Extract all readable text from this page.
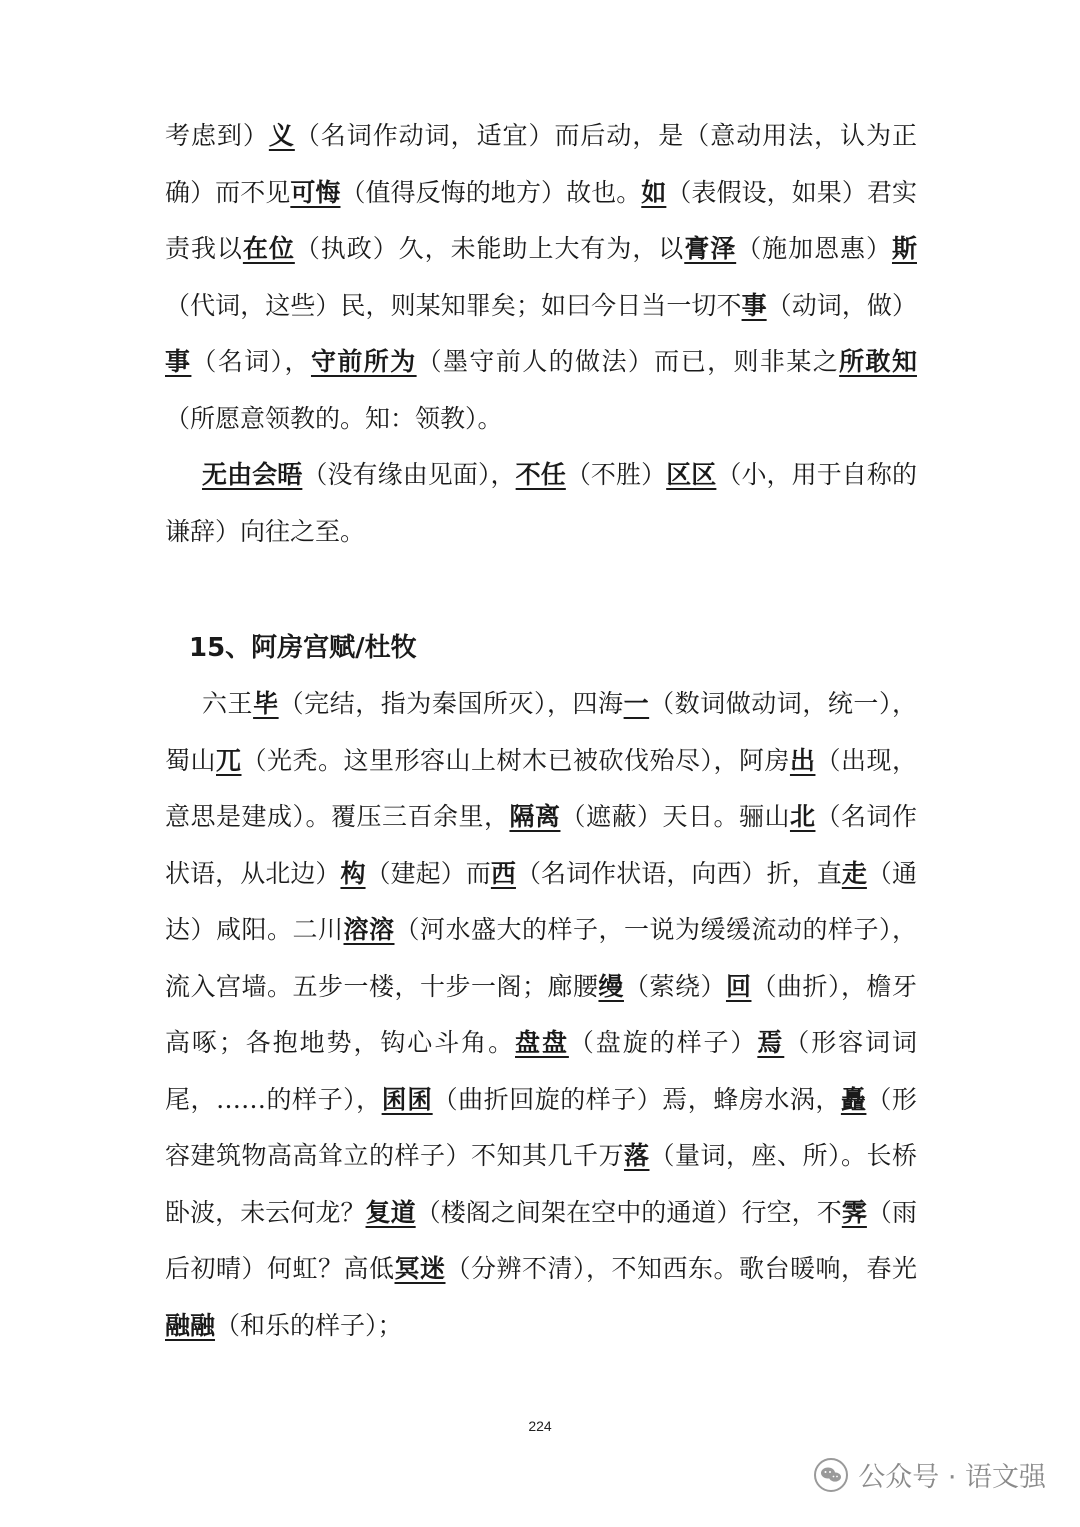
考虑到）义（名词作动词，适宜）而后动，是（意动用法，认为正确）而不见可悔（值得反悔的地方）故也。如（表假设，如果）君实责我以在位（执政）久，未能助上大有为，以膏泽（施加恩惠）斯（代词，这些）民，则某知罪矣；如曰今日当一切不事（动词，做）事（名词），守前所为（墨守前人的做法）而已，则非某之所敢知（所愿意领教的。知：领教）。

无由会晤（没有缘由见面），不任（不胜）区区（小，用于自称的谦辞）向往之至。

15、阿房宫赋/杜牧

六王毕（完结，指为秦国所灭），四海一（数词做动词，统一），蜀山兀（光秃。这里形容山上树木已被砍伐殆尽），阿房出（出现，意思是建成）。覆压三百余里，隔离（遮蔽）天日。骊山北（名词作状语，从北边）构（建起）而西（名词作状语，向西）折，直走（通达）咸阳。二川溶溶（河水盛大的样子，一说为缓缓流动的样子），流入宫墙。五步一楼，十步一阁；廊腰缦（萦绕）回（曲折），檐牙高啄；各抱地势，钩心斗角。盘盘（盘旋的样子）焉（形容词词尾，……的样子），囷囷（曲折回旋的样子）焉，蜂房水涡，矗（形容建筑物高高耸立的样子）不知其几千万落（量词，座、所）。长桥卧波，未云何龙？复道（楼阁之间架在空中的通道）行空，不霁（雨后初晴）何虹？高低冥迷（分辨不清），不知西东。歌台暖响，春光融融（和乐的样子）；

224
公众号 · 语文强
